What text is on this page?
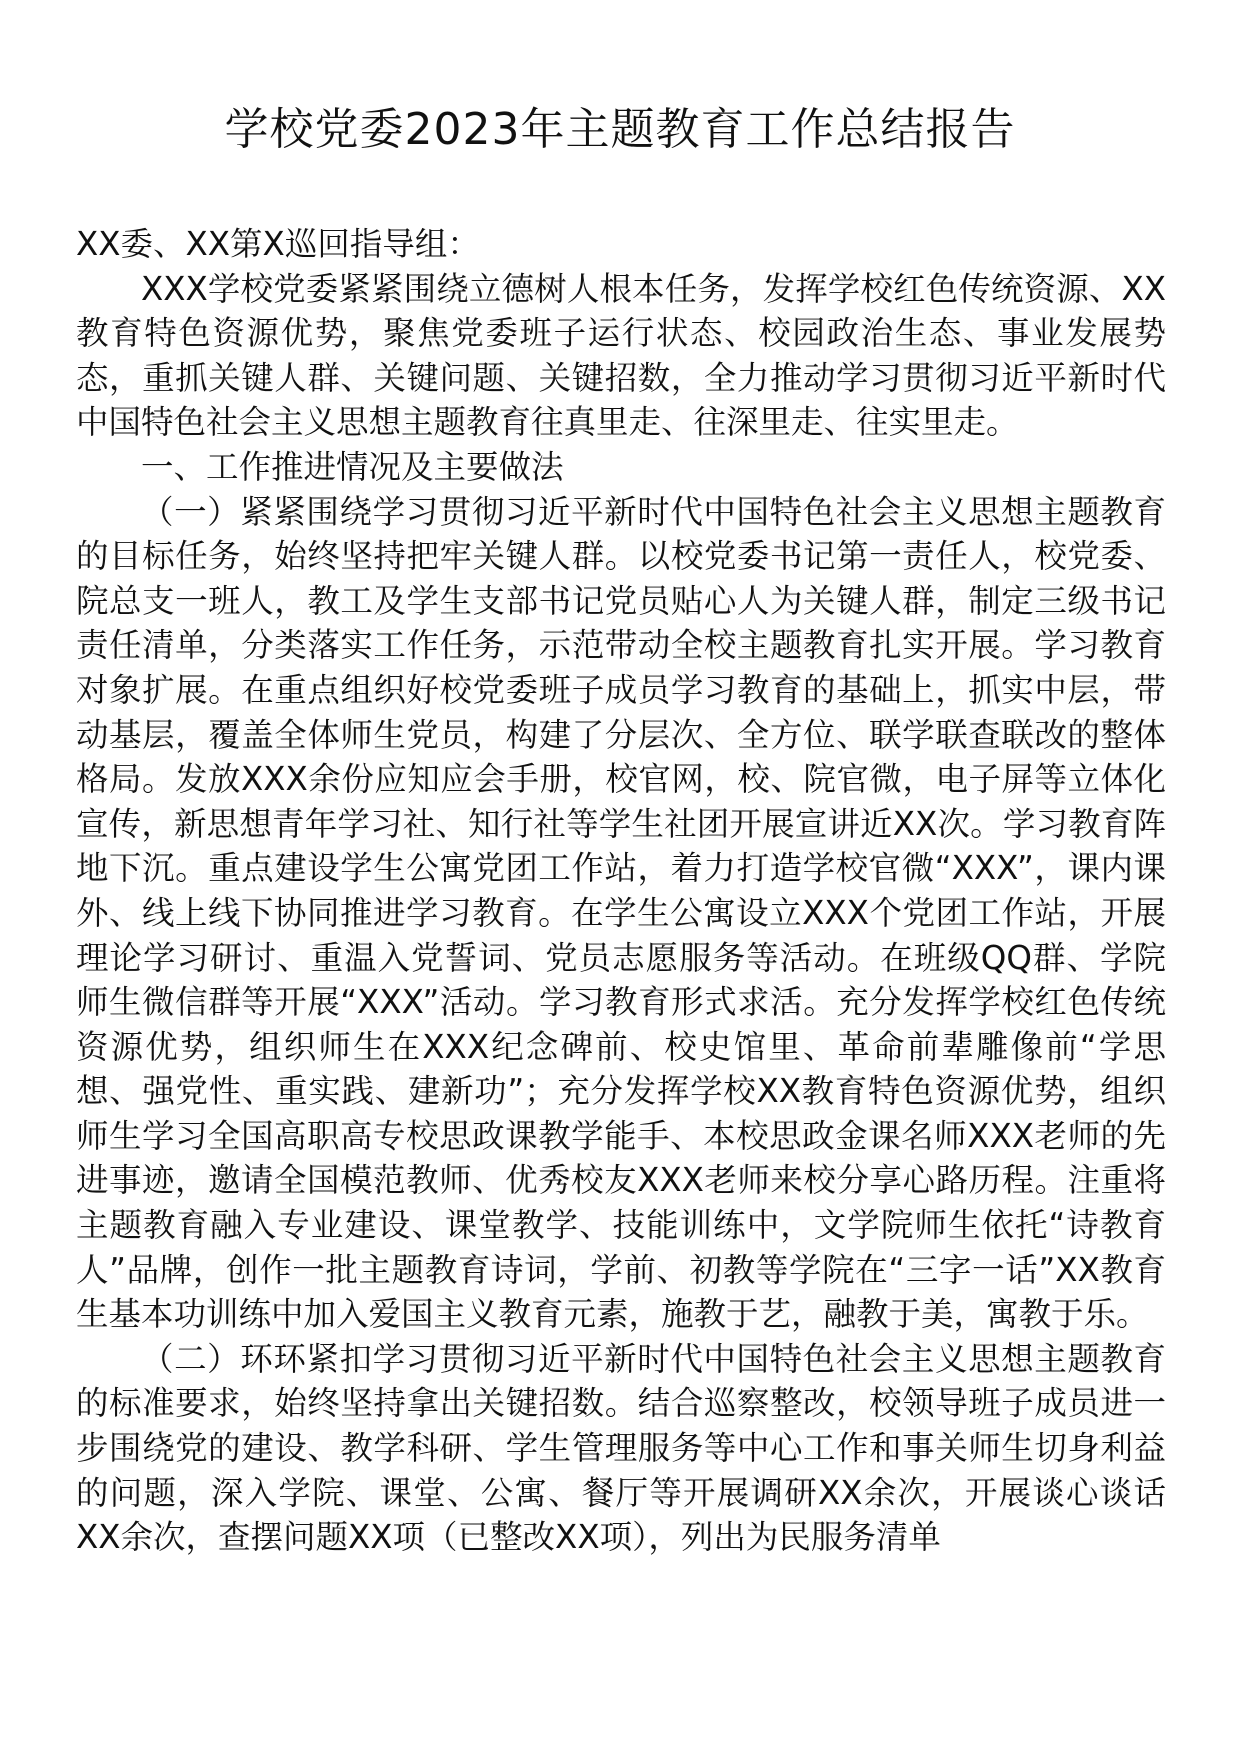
学校党委2023年主题教育工作总结报告

XX委、XX第X巡回指导组：

XXX学校党委紧紧围绕立德树人根本任务，发挥学校红色传统资源、XX教育特色资源优势，聚焦党委班子运行状态、校园政治生态、事业发展势态，重抓关键人群、关键问题、关键招数，全力推动学习贯彻习近平新时代中国特色社会主义思想主题教育往真里走、往深里走、往实里走。

一、工作推进情况及主要做法

（一）紧紧围绕学习贯彻习近平新时代中国特色社会主义思想主题教育的目标任务，始终坚持把牢关键人群。以校党委书记第一责任人，校党委、院总支一班人，教工及学生支部书记党员贴心人为关键人群，制定三级书记责任清单，分类落实工作任务，示范带动全校主题教育扎实开展。学习教育对象扩展。在重点组织好校党委班子成员学习教育的基础上，抓实中层，带动基层，覆盖全体师生党员，构建了分层次、全方位、联学联查联改的整体格局。发放XXX余份应知应会手册，校官网，校、院官微，电子屏等立体化宣传，新思想青年学习社、知行社等学生社团开展宣讲近XX次。学习教育阵地下沉。重点建设学生公寓党团工作站，着力打造学校官微“XXX”，课内课外、线上线下协同推进学习教育。在学生公寓设立XXX个党团工作站，开展理论学习研讨、重温入党誓词、党员志愿服务等活动。在班级QQ群、学院师生微信群等开展“XXX”活动。学习教育形式求活。充分发挥学校红色传统资源优势，组织师生在XXX纪念碑前、校史馆里、革命前辈雕像前“学思想、强党性、重实践、建新功”；充分发挥学校XX教育特色资源优势，组织师生学习全国高职高专校思政课教学能手、本校思政金课名师XXX老师的先进事迹，邀请全国模范教师、优秀校友XXX老师来校分享心路历程。注重将主题教育融入专业建设、课堂教学、技能训练中，文学院师生依托“诗教育人”品牌，创作一批主题教育诗词，学前、初教等学院在“三字一话”XX教育生基本功训练中加入爱国主义教育元素，施教于艺，融教于美，寓教于乐。

（二）环环紧扣学习贯彻习近平新时代中国特色社会主义思想主题教育的标准要求，始终坚持拿出关键招数。结合巡察整改，校领导班子成员进一步围绕党的建设、教学科研、学生管理服务等中心工作和事关师生切身利益的问题，深入学院、课堂、公寓、餐厅等开展调研XX余次，开展谈心谈话XX余次，查摆问题XX项（已整改XX项），列出为民服务清单
